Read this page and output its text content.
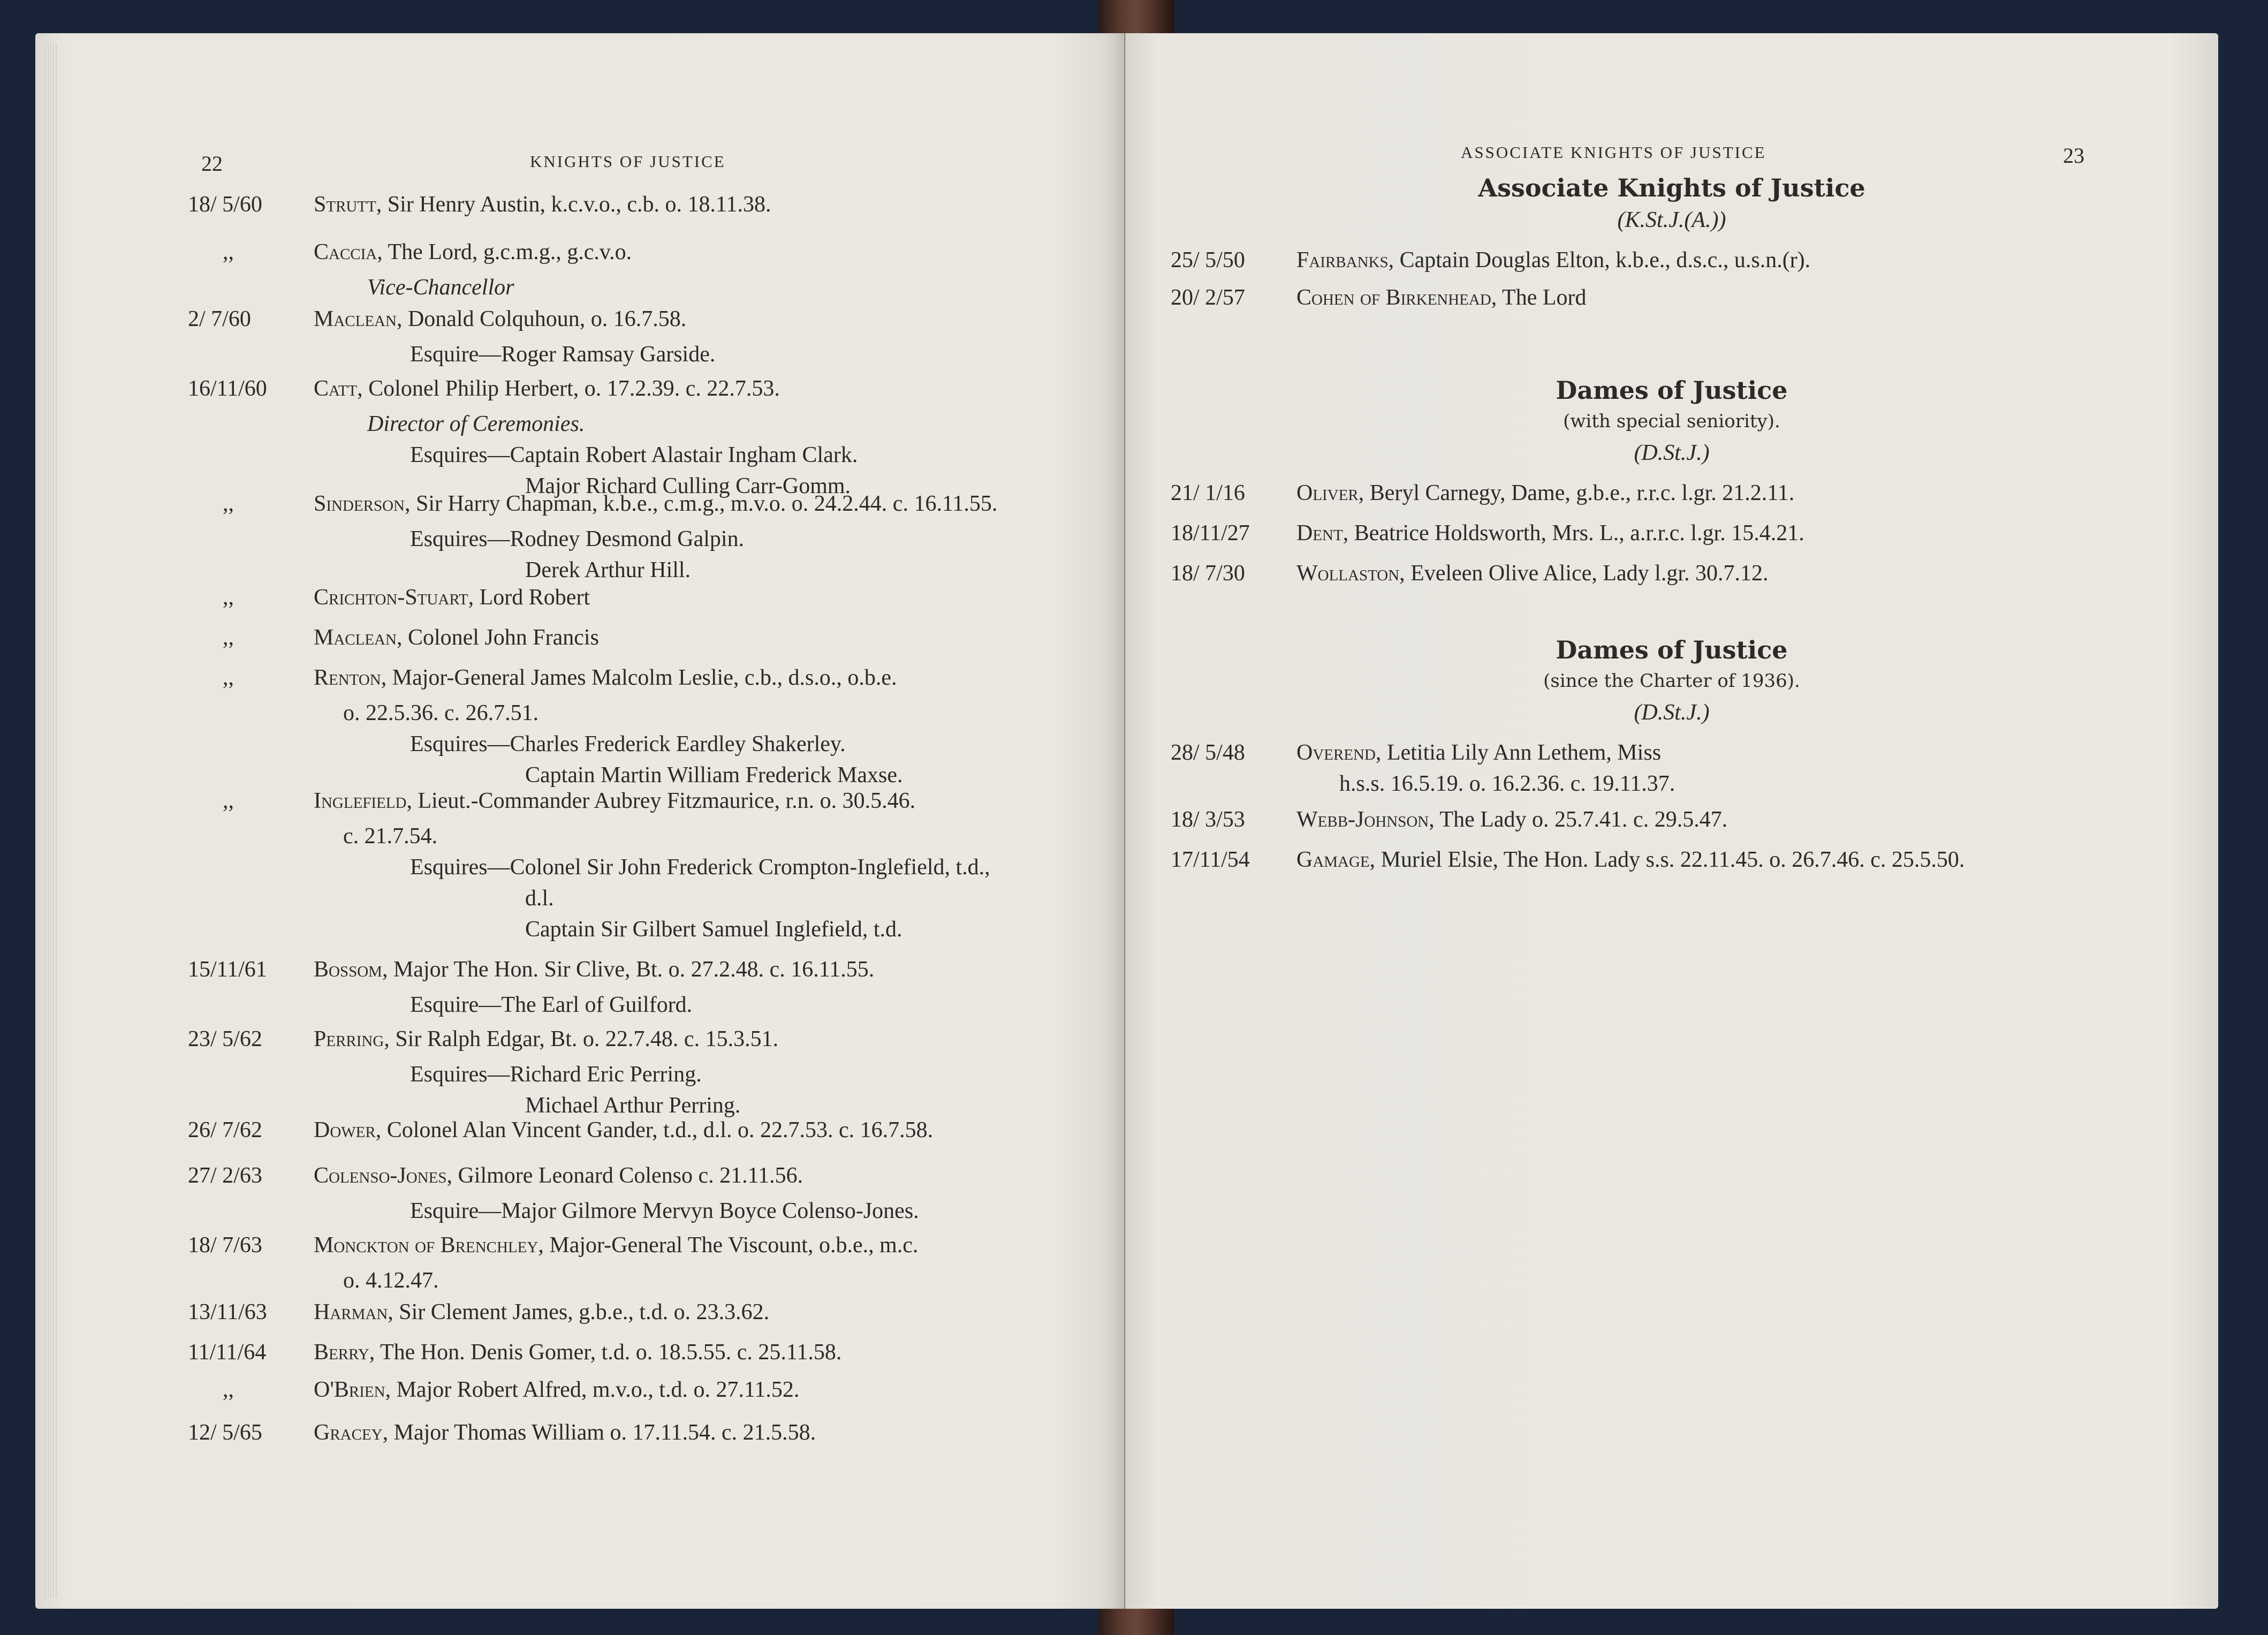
22	KNIGHTS OF JUSTICE
18/ 5/60 Strutt, Sir Henry Austin, k.c.v.o., c.b. o. 18.11.38.
,,	Caccia, The Lord, g.c.m.g., g.c.v.o.
Vice-Chancellor
2/ 7/60	Maclean, Donald Colquhoun, o. 16.7.58.
Esquire—Roger Ramsay Garside.
16/11/60 Catt, Colonel Philip Herbert, o. 17.2.39. c. 22.7.53.
Director of Ceremonies.
Esquires—Captain Robert Alastair Ingham Clark.
Major Richard Culling Carr-Gomm.
,,	Sinderson, Sir Harry Chapman, k.b.e., c.m.g., m.v.o. o. 24.2.44. c. 16.11.55.
Esquires—Rodney Desmond Galpin.
Derek Arthur Hill.
,,	Crichton-Stuart, Lord Robert
,,	Maclean, Colonel John Francis
,,	Renton, Major-General James Malcolm Leslie, c.b., d.s.o., o.b.e.
o. 22.5.36. c. 26.7.51.
Esquires—Charles Frederick Eardley Shakerley.
Captain Martin William Frederick Maxse.
,,	Inglefield, Lieut.-Commander Aubrey Fitzmaurice, r.n. o. 30.5.46.
c. 21.7.54.
Esquires—Colonel Sir John Frederick Crompton-Inglefield, t.d.,
d.l.
Captain Sir Gilbert Samuel Inglefield, t.d.
15/11/61 Bossom, Major The Hon. Sir Clive, Bt. o. 27.2.48. c. 16.11.55.
Esquire—The Earl of Guilford.
23/ 5/62 Perring, Sir Ralph Edgar, Bt. o. 22.7.48. c. 15.3.51.
Esquires—Richard Eric Perring.
Michael Arthur Perring.
26/ 7/62 Dower, Colonel Alan Vincent Gander, t.d., d.l. o. 22.7.53. c. 16.7.58.
27/ 2/63 Colenso-Jones, Gilmore Leonard Colenso c. 21.11.56.
Esquire—Major Gilmore Mervyn Boyce Colenso-Jones.
18/ 7/63 Monckton of Brenchley, Major-General The Viscount, o.b.e., m.c.
o. 4.12.47.
13/11/63 Harman, Sir Clement James, g.b.e., t.d. o. 23.3.62.
11/11/64 Berry, The Hon. Denis Gomer, t.d. o. 18.5.55. c. 25.11.58.
,,	O'Brien, Major Robert Alfred, m.v.o., t.d. o. 27.11.52.
12/ 5/65 Gracey, Major Thomas William o. 17.11.54. c. 21.5.58.
ASSOCIATE KNIGHTS OF JUSTICE	23
Associate Knights of Justice
(K.St.J.(A.))
25/ 5/50 Fairbanks, Captain Douglas Elton, k.b.e., d.s.c., u.s.n.(r).
20/ 2/57 Cohen of Birkenhead, The Lord
Dames of Justice
(with special seniority).
(D.St.J.)
21/ 1/16 Oliver, Beryl Carnegy, Dame, g.b.e., r.r.c. l.gr. 21.2.11.
18/11/27 Dent, Beatrice Holdsworth, Mrs. L., a.r.r.c. l.gr. 15.4.21.
18/ 7/30 Wollaston, Eveleen Olive Alice, Lady l.gr. 30.7.12.
Dames of Justice
(since the Charter of 1936).
(D.St.J.)
28/ 5/48 Overend, Letitia Lily Ann Lethem, Miss
h.s.s. 16.5.19. o. 16.2.36. c. 19.11.37.
18/ 3/53 Webb-Johnson, The Lady o. 25.7.41. c. 29.5.47.
17/11/54 Gamage, Muriel Elsie, The Hon. Lady s.s. 22.11.45. o. 26.7.46. c. 25.5.50.
